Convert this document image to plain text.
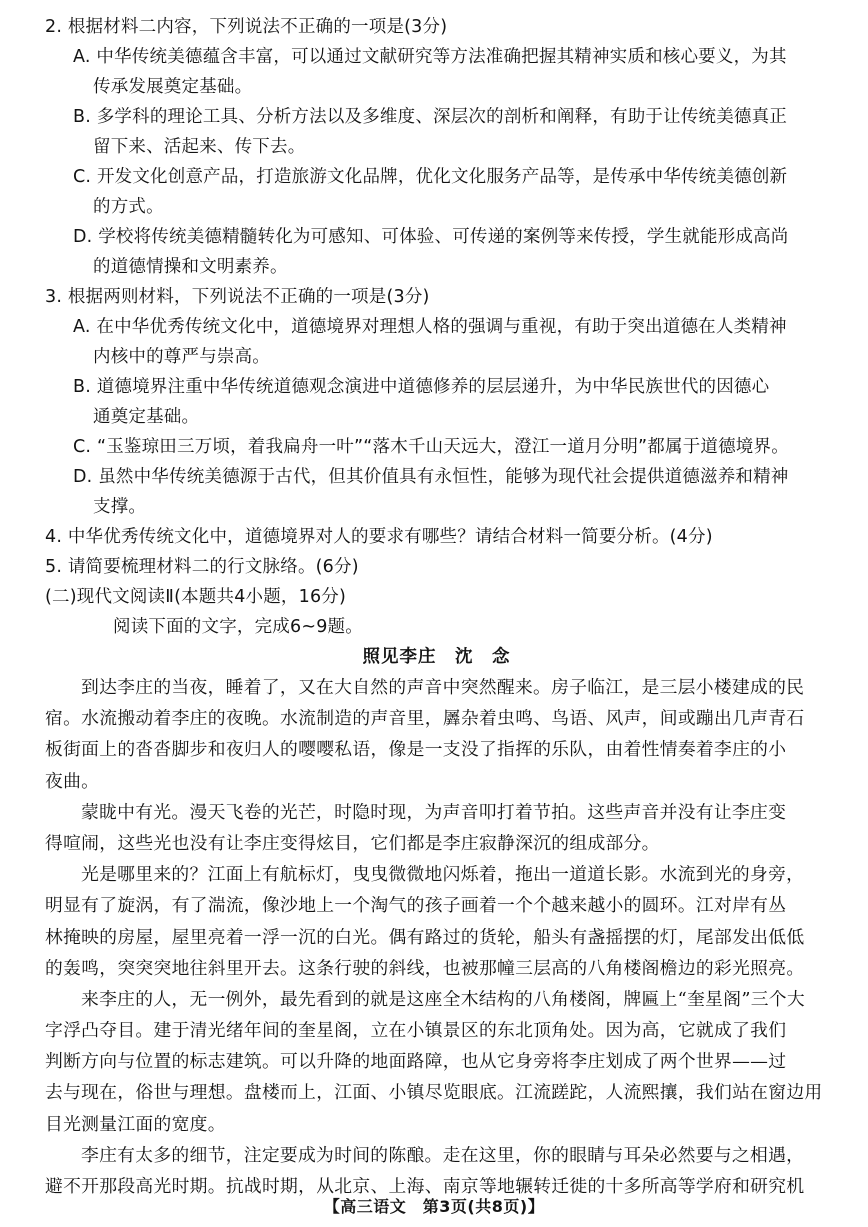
2. 根据材料二内容，下列说法不正确的一项是(3分)
A. 中华传统美德蕴含丰富，可以通过文献研究等方法准确把握其精神实质和核心要义，为其
传承发展奠定基础。
B. 多学科的理论工具、分析方法以及多维度、深层次的剖析和阐释，有助于让传统美德真正
留下来、活起来、传下去。
C. 开发文化创意产品，打造旅游文化品牌，优化文化服务产品等，是传承中华传统美德创新
的方式。
D. 学校将传统美德精髓转化为可感知、可体验、可传递的案例等来传授，学生就能形成高尚
的道德情操和文明素养。
3. 根据两则材料，下列说法不正确的一项是(3分)
A. 在中华优秀传统文化中，道德境界对理想人格的强调与重视，有助于突出道德在人类精神
内核中的尊严与崇高。
B. 道德境界注重中华传统道德观念演进中道德修养的层层递升，为中华民族世代的因德心
通奠定基础。
C. “玉鉴琼田三万顷，着我扁舟一叶”“落木千山天远大，澄江一道月分明”都属于道德境界。
D. 虽然中华传统美德源于古代，但其价值具有永恒性，能够为现代社会提供道德滋养和精神
支撑。
4. 中华优秀传统文化中，道德境界对人的要求有哪些？请结合材料一简要分析。(4分)
5. 请简要梳理材料二的行文脉络。(6分)
(二)现代文阅读Ⅱ(本题共4小题，16分)
阅读下面的文字，完成6~9题。
照见李庄　沈　念
到达李庄的当夜，睡着了，又在大自然的声音中突然醒来。房子临江，是三层小楼建成的民
宿。水流搬动着李庄的夜晚。水流制造的声音里，羼杂着虫鸣、鸟语、风声，间或蹦出几声青石
板街面上的沓沓脚步和夜归人的嘤嘤私语，像是一支没了指挥的乐队，由着性情奏着李庄的小
夜曲。
蒙眬中有光。漫天飞卷的光芒，时隐时现，为声音叩打着节拍。这些声音并没有让李庄变
得喧闹，这些光也没有让李庄变得炫目，它们都是李庄寂静深沉的组成部分。
光是哪里来的？江面上有航标灯，曳曳微微地闪烁着，拖出一道道长影。水流到光的身旁，
明显有了旋涡，有了湍流，像沙地上一个淘气的孩子画着一个个越来越小的圆环。江对岸有丛
林掩映的房屋，屋里亮着一浮一沉的白光。偶有路过的货轮，船头有盏摇摆的灯，尾部发出低低
的轰鸣，突突突地往斜里开去。这条行驶的斜线，也被那幢三层高的八角楼阁檐边的彩光照亮。
来李庄的人，无一例外，最先看到的就是这座全木结构的八角楼阁，牌匾上“奎星阁”三个大
字浮凸夺目。建于清光绪年间的奎星阁，立在小镇景区的东北顶角处。因为高，它就成了我们
判断方向与位置的标志建筑。可以升降的地面路障，也从它身旁将李庄划成了两个世界——过
去与现在，俗世与理想。盘楼而上，江面、小镇尽览眼底。江流蹉跎，人流熙攘，我们站在窗边用
目光测量江面的宽度。
李庄有太多的细节，注定要成为时间的陈酿。走在这里，你的眼睛与耳朵必然要与之相遇，
避不开那段高光时期。抗战时期，从北京、上海、南京等地辗转迁徙的十多所高等学府和研究机
【高三语文　第3页(共8页)】
